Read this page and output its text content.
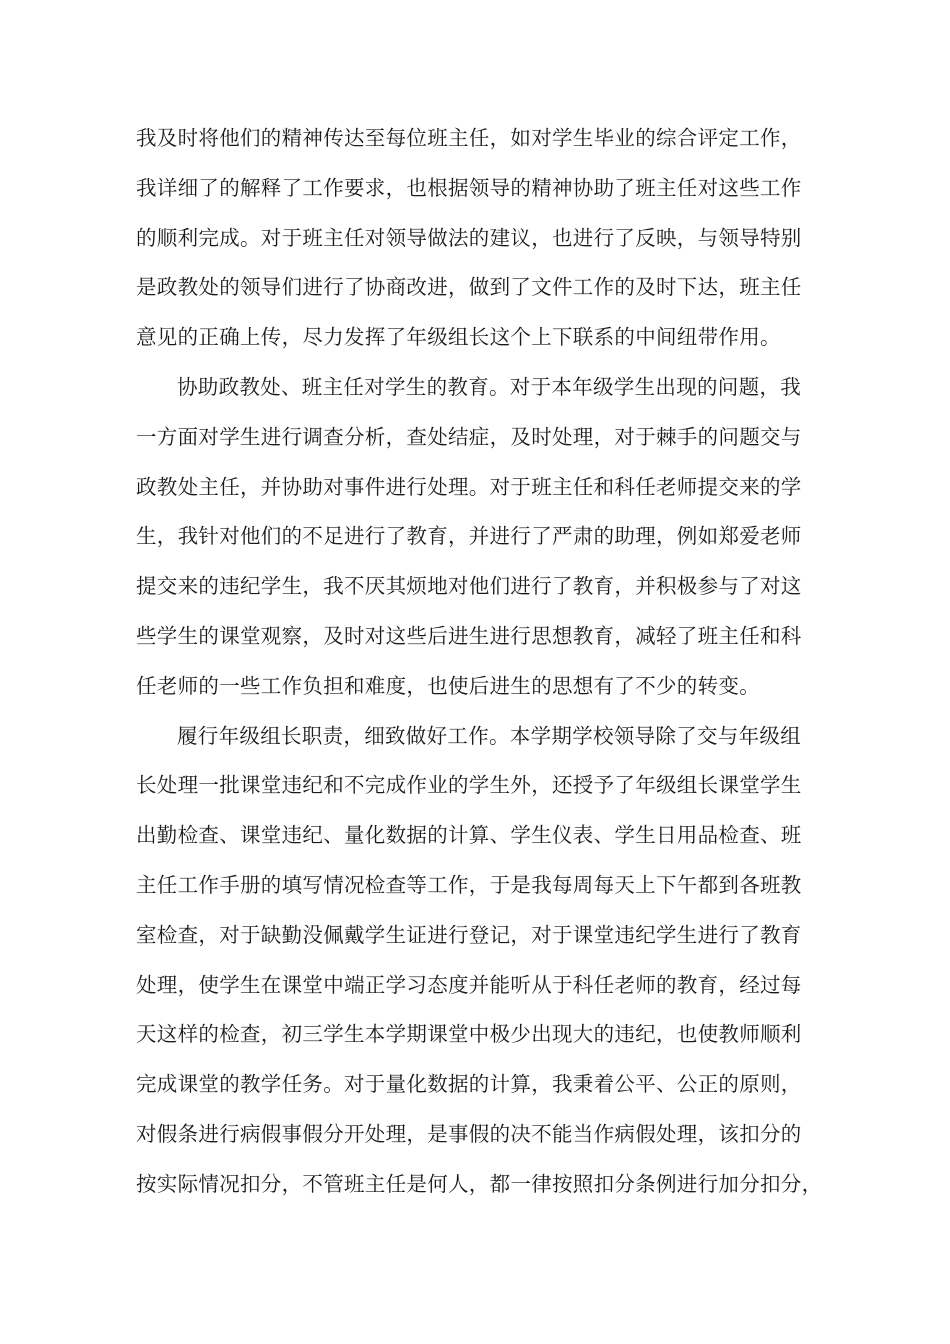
我及时将他们的精神传达至每位班主任，如对学生毕业的综合评定工作，
我详细了的解释了工作要求，也根据领导的精神协助了班主任对这些工作
的顺利完成。对于班主任对领导做法的建议，也进行了反映，与领导特别
是政教处的领导们进行了协商改进，做到了文件工作的及时下达，班主任
意见的正确上传，尽力发挥了年级组长这个上下联系的中间纽带作用。
协助政教处、班主任对学生的教育。对于本年级学生出现的问题，我
一方面对学生进行调查分析，查处结症，及时处理，对于棘手的问题交与
政教处主任，并协助对事件进行处理。对于班主任和科任老师提交来的学
生，我针对他们的不足进行了教育，并进行了严肃的助理，例如郑爱老师
提交来的违纪学生，我不厌其烦地对他们进行了教育，并积极参与了对这
些学生的课堂观察，及时对这些后进生进行思想教育，减轻了班主任和科
任老师的一些工作负担和难度，也使后进生的思想有了不少的转变。
履行年级组长职责，细致做好工作。本学期学校领导除了交与年级组
长处理一批课堂违纪和不完成作业的学生外，还授予了年级组长课堂学生
出勤检查、课堂违纪、量化数据的计算、学生仪表、学生日用品检查、班
主任工作手册的填写情况检查等工作，于是我每周每天上下午都到各班教
室检查，对于缺勤没佩戴学生证进行登记，对于课堂违纪学生进行了教育
处理，使学生在课堂中端正学习态度并能听从于科任老师的教育，经过每
天这样的检查，初三学生本学期课堂中极少出现大的违纪，也使教师顺利
完成课堂的教学任务。对于量化数据的计算，我秉着公平、公正的原则，
对假条进行病假事假分开处理，是事假的决不能当作病假处理，该扣分的
按实际情况扣分，不管班主任是何人，都一律按照扣分条例进行加分扣分，
